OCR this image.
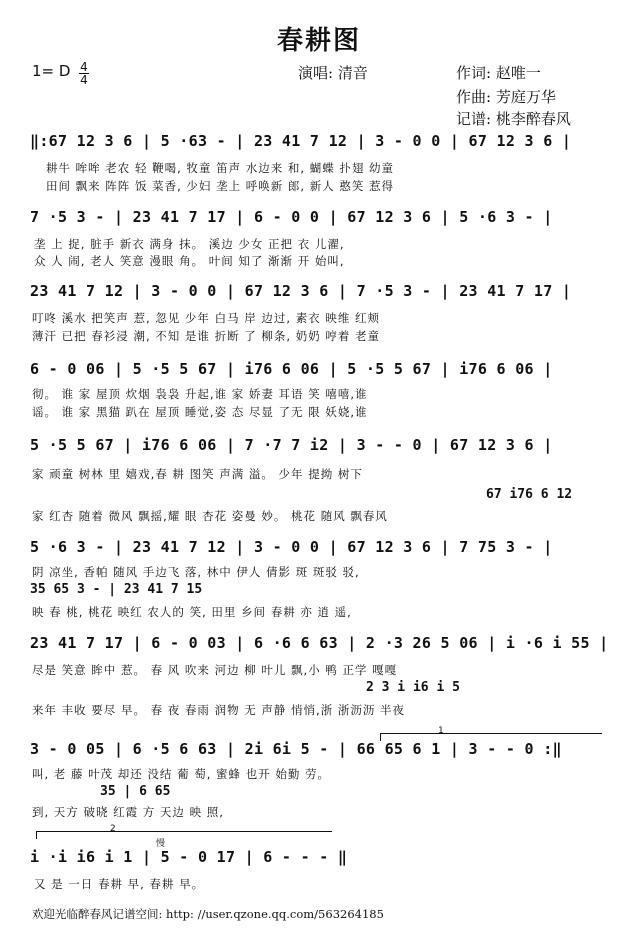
春耕图
1= D 4
4	演唱: 清音	作词: 赵唯一
作曲: 芳庭万华
记谱: 桃李醉春风
‖:67 12 3 6 | 5 ·63 - | 23 41 7 12 | 3 - 0 0 | 67 12 3 6 |
耕牛 哞哞 老农 轻 鞭喝, 牧童 笛声 水边来 和, 蝴蝶 扑翅 幼童
田间 飘来 阵阵 饭 菜香, 少妇 垄上 呼唤新 郎, 新人 憨笑 惹得
7 ·5 3 - | 23 41 7 17 | 6 - 0 0 | 67 12 3 6 | 5 ·6 3 - |
垄 上 捉, 脏手 新衣 满身 抹。 溪边 少女 正把 衣 儿濯,
众 人 闹, 老人 笑意 漫眼 角。 叶间 知了 渐渐 开 始叫,
23 41 7 12 | 3 - 0 0 | 67 12 3 6 | 7 ·5 3 - | 23 41 7 17 |
叮咚 溪水 把笑声 惹, 忽见 少年 白马 岸 边过, 素衣 映维 红颊
薄汗 已把 春衫浸 潮, 不知 是谁 折断 了 柳条, 奶奶 哼着 老童
6 - 0 06 | 5 ·5 5 67 | i76 6 06 | 5 ·5 5 67 | i76 6 06 |
彻。 谁 家 屋顶 炊烟 袅袅 升起,谁 家 娇妻 耳语 笑 嘻嘻,谁
谣。 谁 家 黑猫 趴在 屋顶 睡觉,姿 态 尽显 了无 限 妖娆,谁
5 ·5 5 67 | i76 6 06 | 7 ·7 7 i2 | 3 - - 0 | 67 12 3 6 |
家 顽童 树林 里 嬉戏,春 耕 图笑 声满 溢。 少年 提拗 树下
67 i76 6 12
家 红杏 随着 微风 飘摇,耀 眼 杏花 姿曼 妙。 桃花 随风 飘春风
5 ·6 3 - | 23 41 7 12 | 3 - 0 0 | 67 12 3 6 | 7 75 3 - |
阴 凉坐, 香帕 随风 手边飞 落, 林中 伊人 倩影 斑 斑驳 驳,
35 65 3 - | 23 41 7 15
映 春 桃, 桃花 映红 农人的 笑, 田里 乡间 春耕 亦 逍 遥,
23 41 7 17 | 6 - 0 03 | 6 ·6 6 63 | 2 ·3 26 5 06 | i ·6 i 55 |
尽是 笑意 眸中 惹。 春 风 吹来 河边 柳 叶儿 飘,小 鸭 正学 嘎嘎
2 3 i i6 i 5
来年 丰收 要尽 早。 春 夜 春雨 润物 无 声静 悄悄,浙 浙沥沥 半夜
1
3 - 0 05 | 6 ·5 6 63 | 2i 6i 5 - | 66 65 6 1 | 3 - - 0 :‖
叫, 老 藤 叶茂 却还 没结 葡 萄, 蜜蜂 也开 始勤 劳。
35 | 6 65
到, 天方 破晓 红霞 方 天边 映 照,
2
慢
i ·i i6 i 1 | 5 - 0 17 | 6 - - - ‖
又 是 一日 春耕 早, 春耕 早。
欢迎光临醉春风记谱空间: http: //user.qzone.qq.com/563264185
